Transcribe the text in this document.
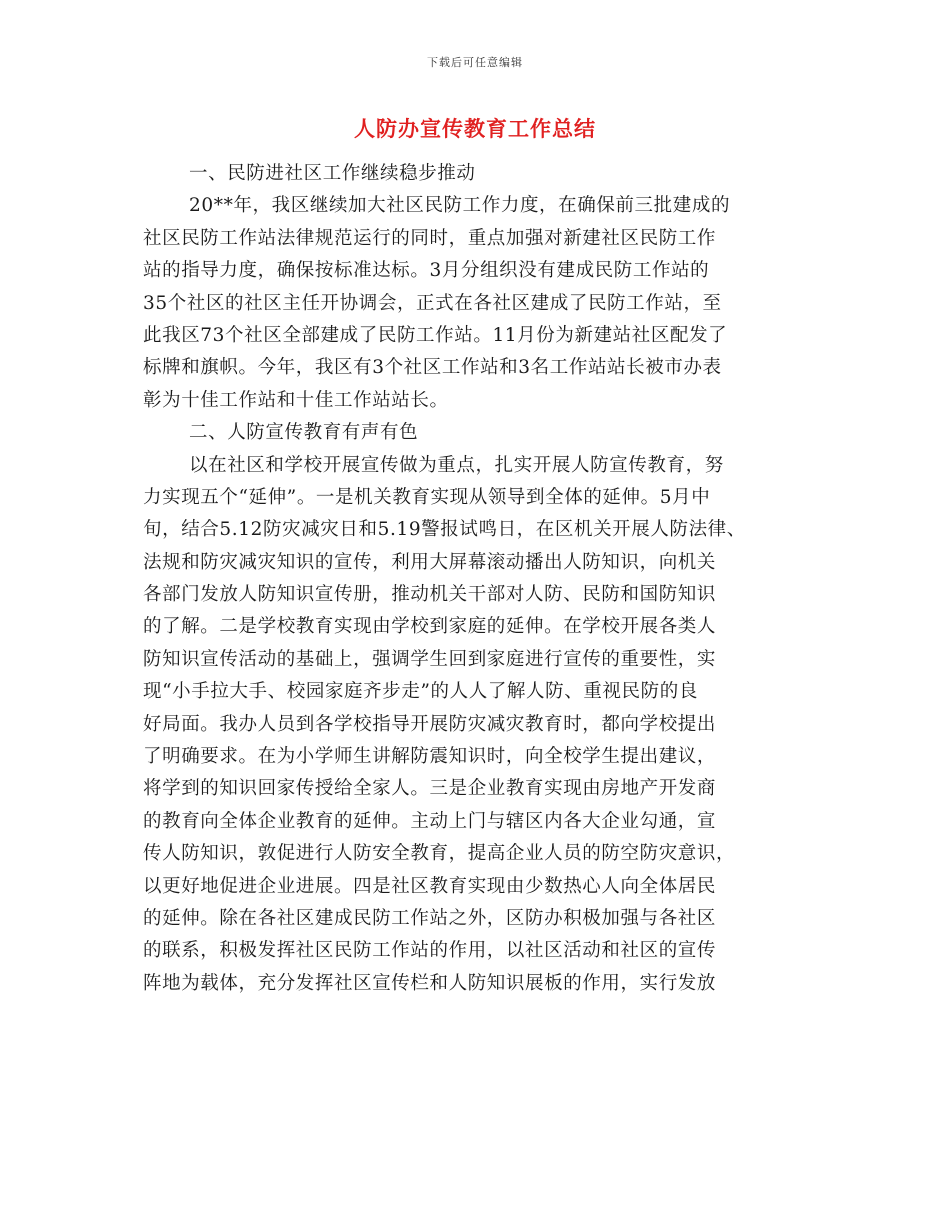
下载后可任意编辑
人防办宣传教育工作总结
一、民防进社区工作继续稳步推动
20**年，我区继续加大社区民防工作力度，在确保前三批建成的
社区民防工作站法律规范运行的同时，重点加强对新建社区民防工作
站的指导力度，确保按标准达标。3月分组织没有建成民防工作站的
35个社区的社区主任开协调会，正式在各社区建成了民防工作站，至
此我区73个社区全部建成了民防工作站。11月份为新建站社区配发了
标牌和旗帜。今年，我区有3个社区工作站和3名工作站站长被市办表
彰为十佳工作站和十佳工作站站长。
二、人防宣传教育有声有色
以在社区和学校开展宣传做为重点，扎实开展人防宣传教育，努
力实现五个“延伸”。一是机关教育实现从领导到全体的延伸。5月中
旬，结合5.12防灾减灾日和5.19警报试鸣日，在区机关开展人防法律、
法规和防灾减灾知识的宣传，利用大屏幕滚动播出人防知识，向机关
各部门发放人防知识宣传册，推动机关干部对人防、民防和国防知识
的了解。二是学校教育实现由学校到家庭的延伸。在学校开展各类人
防知识宣传活动的基础上，强调学生回到家庭进行宣传的重要性，实
现“小手拉大手、校园家庭齐步走”的人人了解人防、重视民防的良
好局面。我办人员到各学校指导开展防灾减灾教育时，都向学校提出
了明确要求。在为小学师生讲解防震知识时，向全校学生提出建议，
将学到的知识回家传授给全家人。三是企业教育实现由房地产开发商
的教育向全体企业教育的延伸。主动上门与辖区内各大企业勾通，宣
传人防知识，敦促进行人防安全教育，提高企业人员的防空防灾意识，
以更好地促进企业进展。四是社区教育实现由少数热心人向全体居民
的延伸。除在各社区建成民防工作站之外，区防办积极加强与各社区
的联系，积极发挥社区民防工作站的作用，以社区活动和社区的宣传
阵地为载体，充分发挥社区宣传栏和人防知识展板的作用，实行发放
